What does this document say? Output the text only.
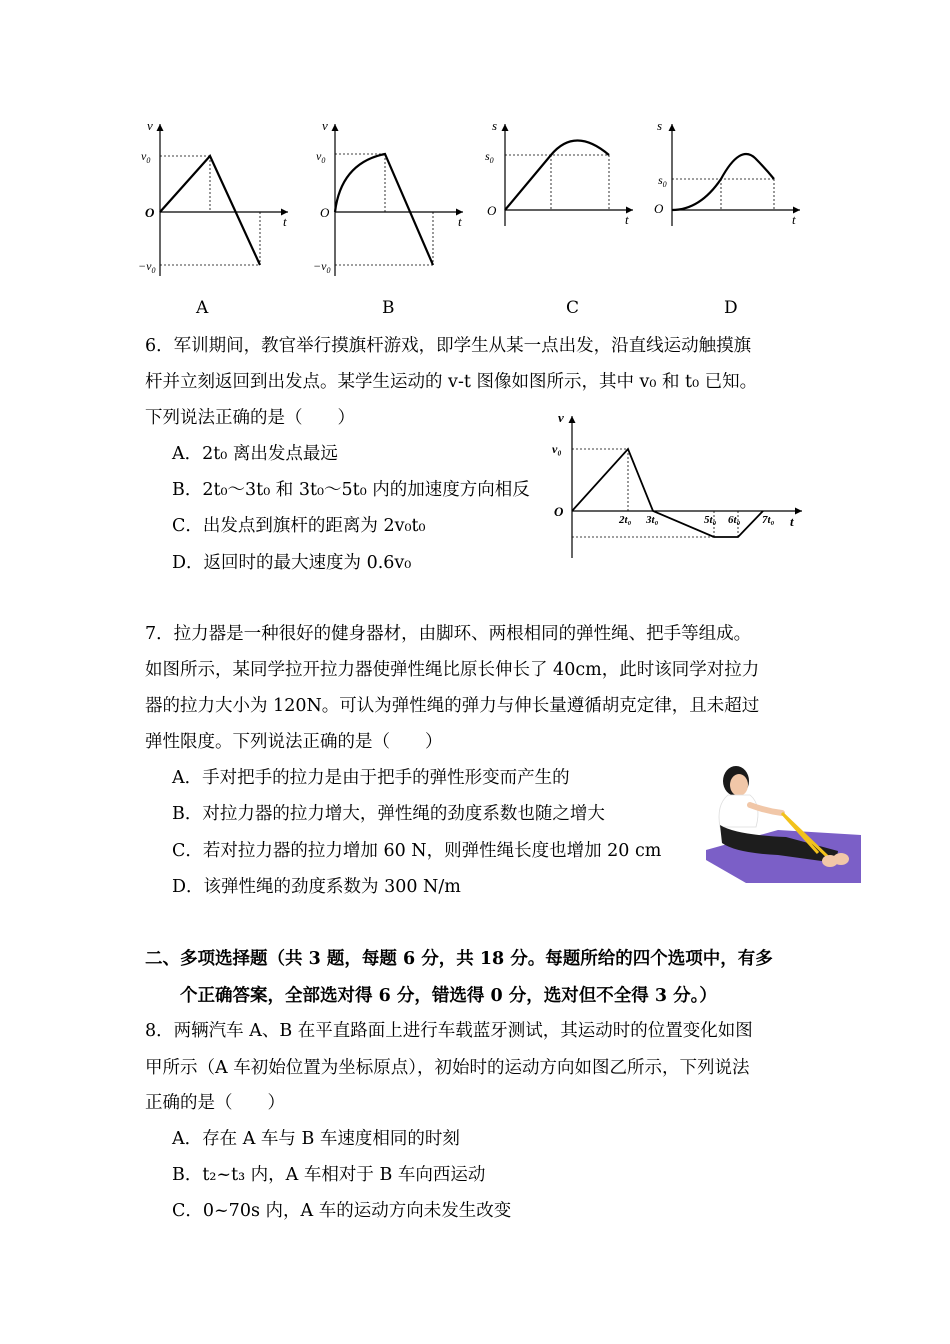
v
t
O
$v_0$
$-v_0$
v
t
O
$v_0$
$-v_0$
s
t
O
$s_0$
s
t
O
$s_0$
A	B	C	D
6．军训期间，教官举行摸旗杆游戏，即学生从某一点出发，沿直线运动触摸旗
杆并立刻返回到出发点。某学生运动的 v-t 图像如图所示，其中 v₀ 和 t₀ 已知。
下列说法正确的是（　　）
A．2t₀ 离出发点最远
B．2t₀～3t₀ 和 3t₀～5t₀ 内的加速度方向相反
C．出发点到旗杆的距离为 2v₀t₀
D．返回时的最大速度为 0.6v₀
v
t
O
v₀
2t₀ 3t₀	5t₀ 6t₀ 7t₀
7．拉力器是一种很好的健身器材，由脚环、两根相同的弹性绳、把手等组成。
如图所示，某同学拉开拉力器使弹性绳比原长伸长了 40cm，此时该同学对拉力
器的拉力大小为 120N。可认为弹性绳的弹力与伸长量遵循胡克定律，且未超过
弹性限度。下列说法正确的是（　　）
A．手对把手的拉力是由于把手的弹性形变而产生的
B．对拉力器的拉力增大，弹性绳的劲度系数也随之增大
C．若对拉力器的拉力增加 60 N，则弹性绳长度也增加 20 cm
D．该弹性绳的劲度系数为 300 N/m
二、多项选择题（共 3 题，每题 6 分，共 18 分。每题所给的四个选项中，有多
个正确答案，全部选对得 6 分，错选得 0 分，选对但不全得 3 分。）
8．两辆汽车 A、B 在平直路面上进行车载蓝牙测试，其运动时的位置变化如图
甲所示（A 车初始位置为坐标原点），初始时的运动方向如图乙所示，下列说法
正确的是（　　）
A．存在 A 车与 B 车速度相同的时刻
B．t₂~t₃ 内，A 车相对于 B 车向西运动
C．0~70s 内，A 车的运动方向未发生改变
